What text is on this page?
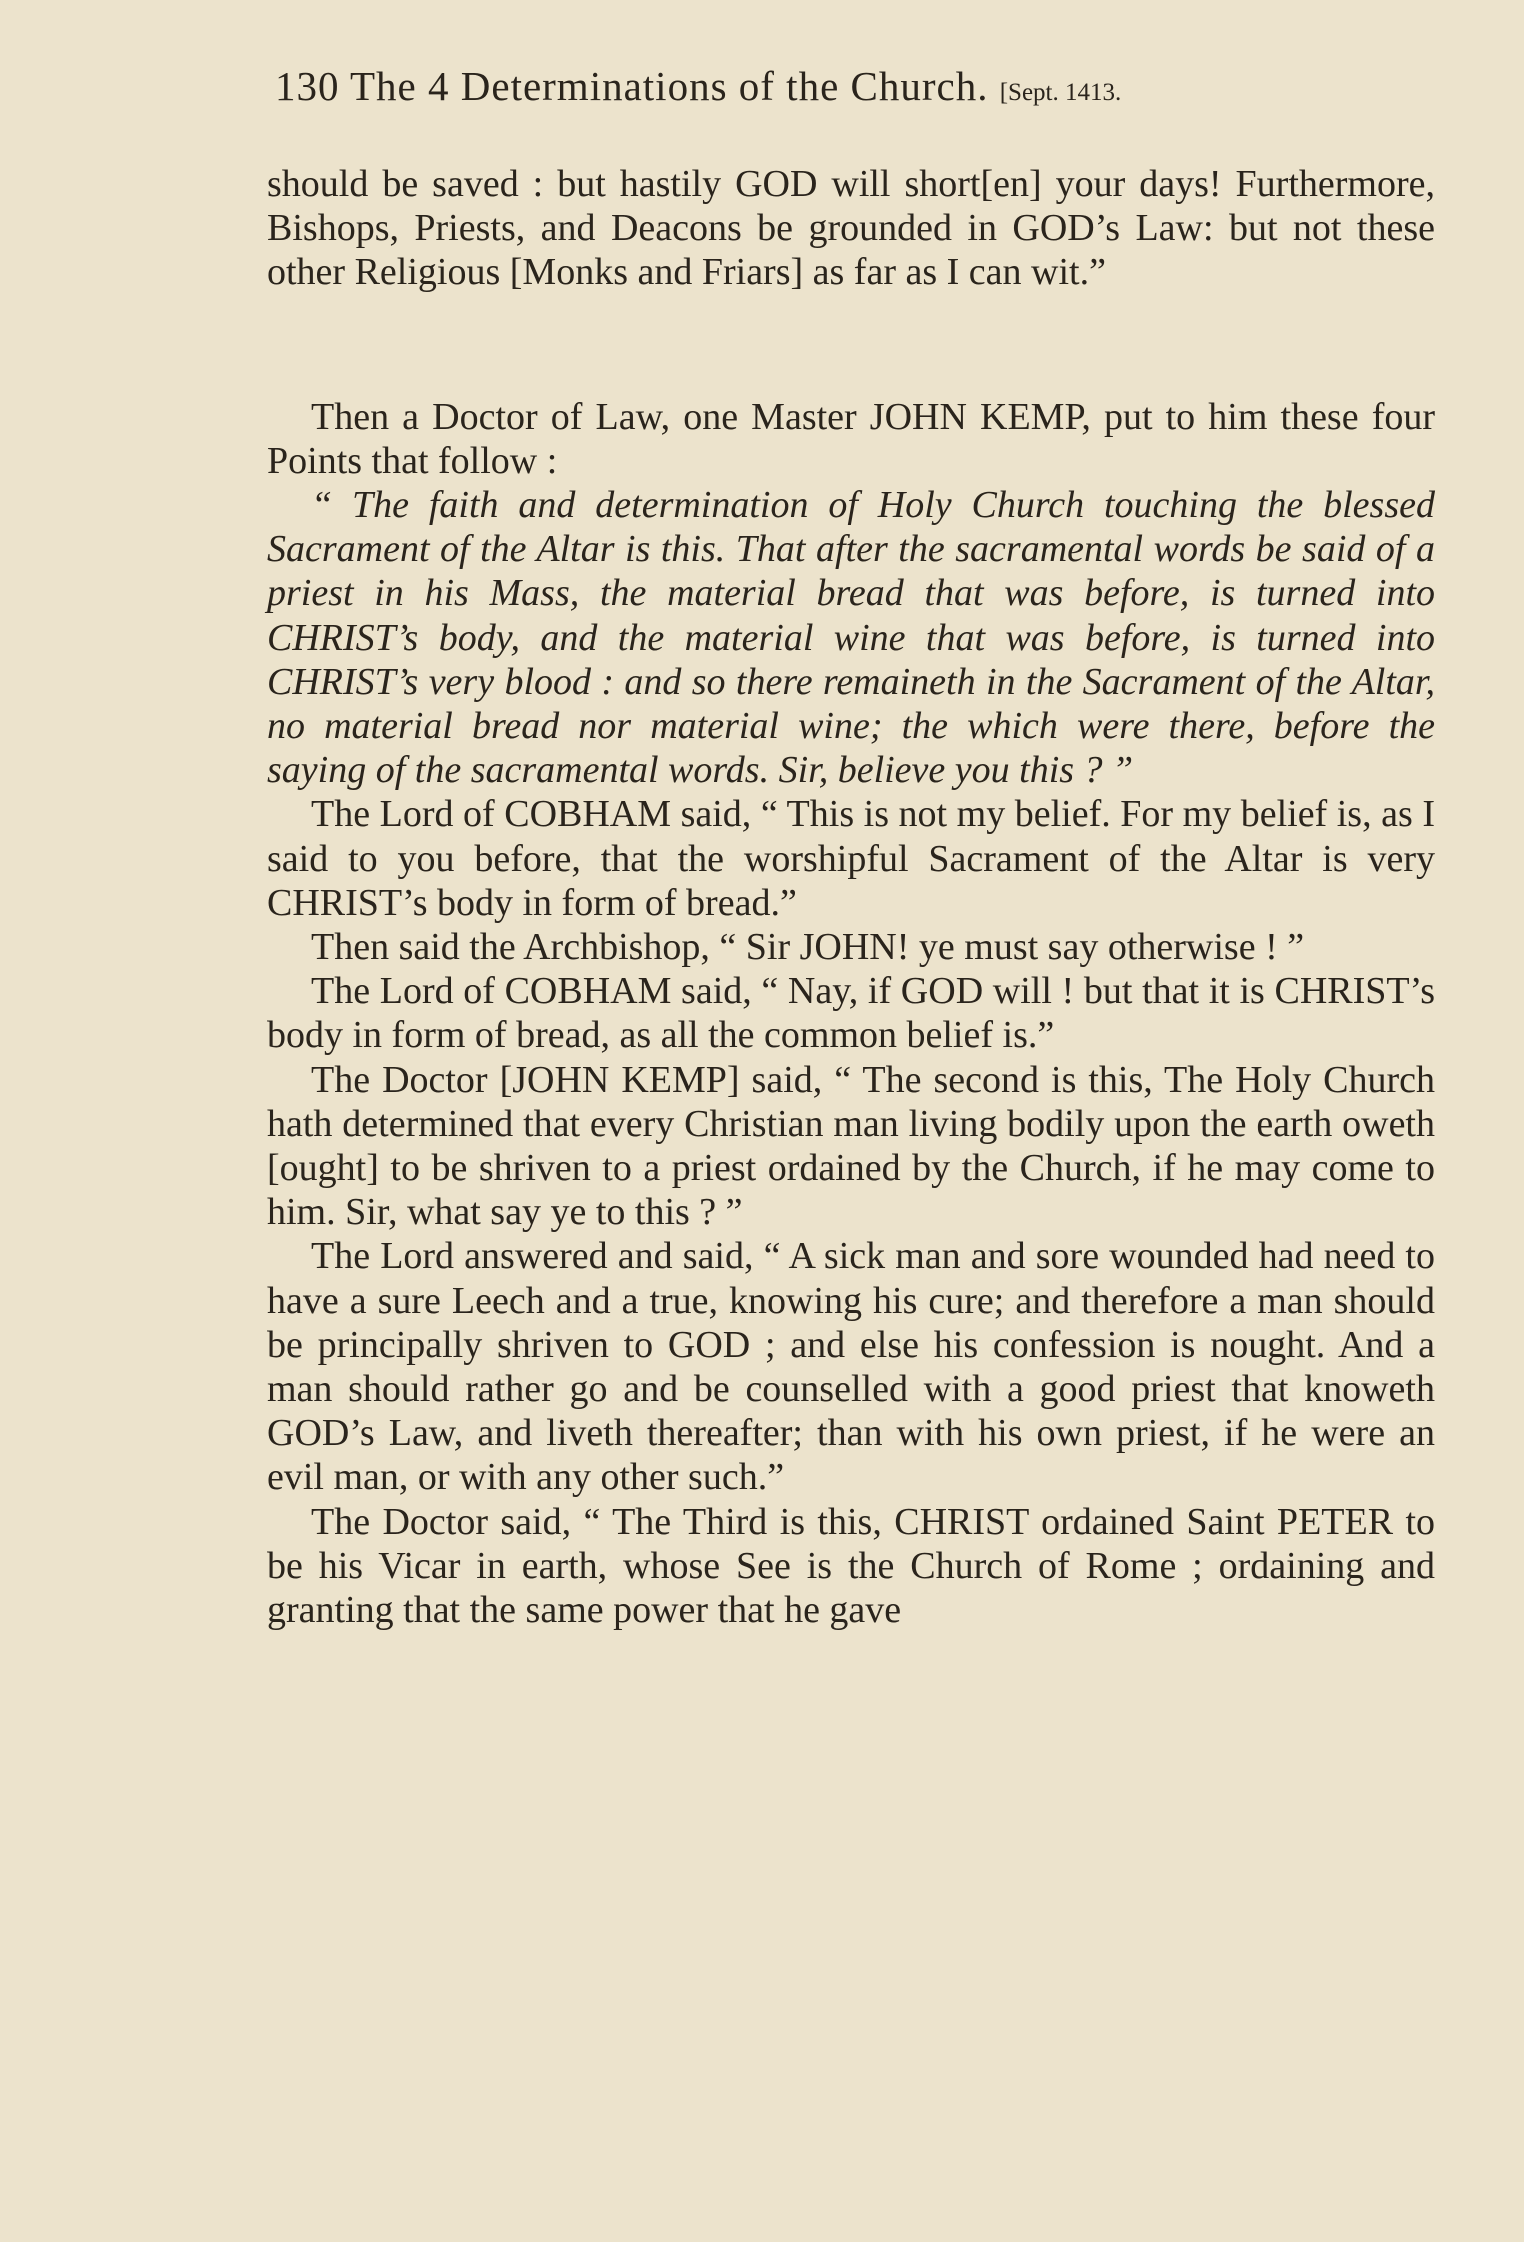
130 The 4 Determinations of the Church. [Sept. 1413.

should be saved : but hastily GOD will short[en] your days! Furthermore, Bishops, Priests, and Deacons be grounded in GOD’s Law: but not these other Religious [Monks and Friars] as far as I can wit.”

Then a Doctor of Law, one Master JOHN KEMP, put to him these four Points that follow :

“ The faith and determination of Holy Church touching the blessed Sacrament of the Altar is this. That after the sacramental words be said of a priest in his Mass, the material bread that was before, is turned into CHRIST’s body, and the material wine that was before, is turned into CHRIST’s very blood : and so there remaineth in the Sacrament of the Altar, no material bread nor material wine; the which were there, before the saying of the sacramental words. Sir, believe you this ? ”

The Lord of COBHAM said, “ This is not my belief. For my belief is, as I said to you before, that the worshipful Sacrament of the Altar is very CHRIST’s body in form of bread.”

Then said the Archbishop, “ Sir JOHN! ye must say otherwise ! ”

The Lord of COBHAM said, “ Nay, if GOD will ! but that it is CHRIST’s body in form of bread, as all the common belief is.”

The Doctor [JOHN KEMP] said, “ The second is this, The Holy Church hath determined that every Christian man living bodily upon the earth oweth [ought] to be shriven to a priest ordained by the Church, if he may come to him. Sir, what say ye to this ? ”

The Lord answered and said, “ A sick man and sore wounded had need to have a sure Leech and a true, knowing his cure; and therefore a man should be principally shriven to GOD ; and else his confession is nought. And a man should rather go and be counselled with a good priest that knoweth GOD’s Law, and liveth thereafter; than with his own priest, if he were an evil man, or with any other such.”

The Doctor said, “ The Third is this, CHRIST ordained Saint PETER to be his Vicar in earth, whose See is the Church of Rome ; ordaining and granting that the same power that he gave
